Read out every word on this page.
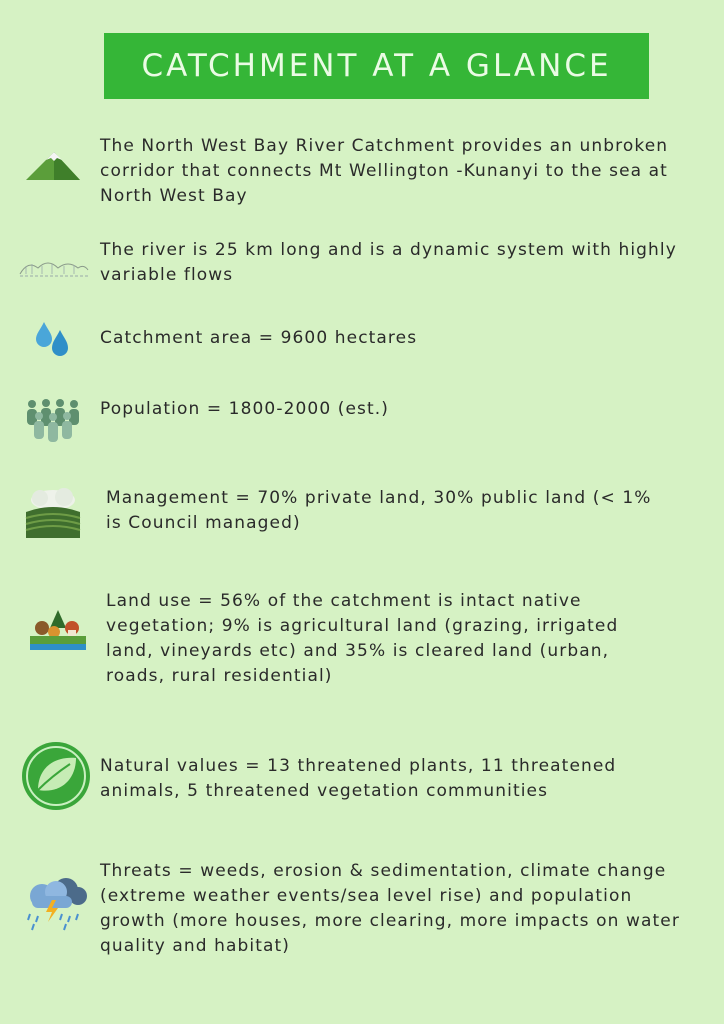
CATCHMENT AT A GLANCE
The North West Bay River Catchment provides an unbroken corridor that connects Mt Wellington -Kunanyi to the sea at North West Bay
The river is 25 km long and is a dynamic system with highly variable flows
Catchment area = 9600 hectares
Population = 1800-2000 (est.)
Management = 70% private land, 30% public land (< 1% is Council managed)
Land use = 56% of the catchment is intact native vegetation; 9% is agricultural land (grazing, irrigated land, vineyards etc) and 35% is cleared land (urban, roads, rural residential)
Natural values = 13 threatened plants, 11 threatened animals, 5 threatened vegetation communities
Threats = weeds, erosion & sedimentation, climate change (extreme weather events/sea level rise) and population growth (more houses, more clearing, more impacts on water quality and habitat)
